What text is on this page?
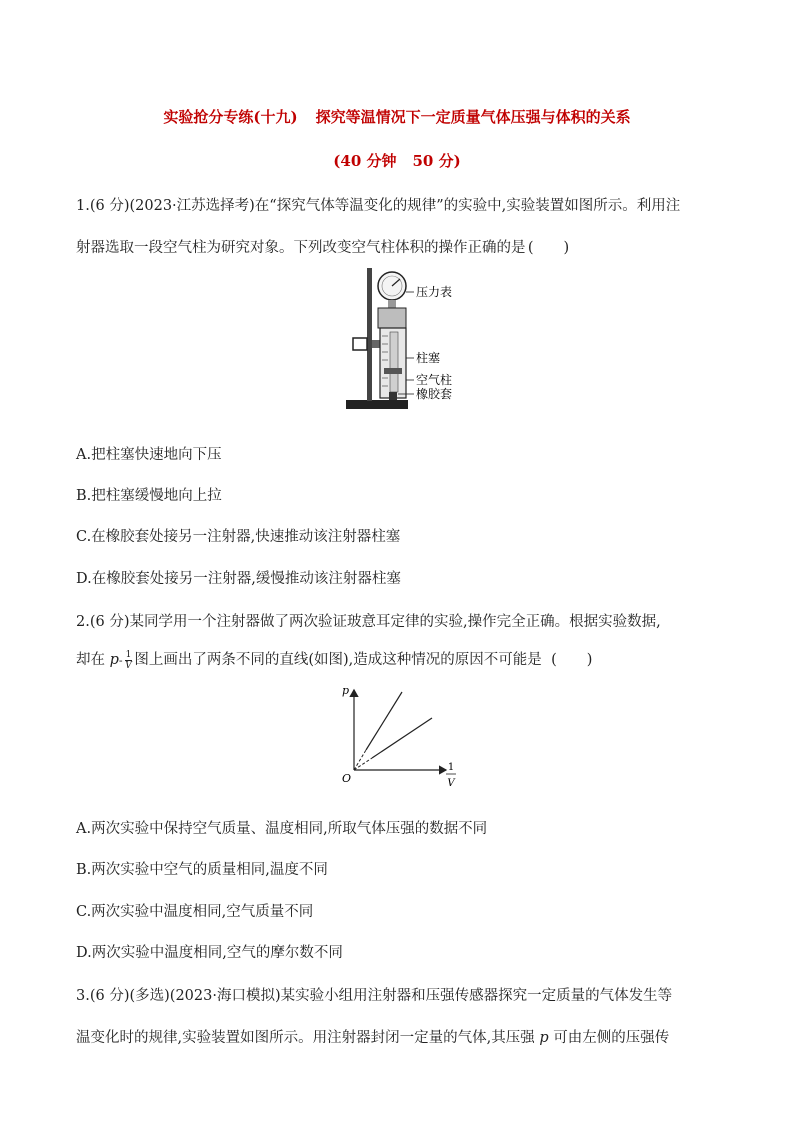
实验抢分专练(十九) 探究等温情况下一定质量气体压强与体积的关系
(40 分钟 50 分)
1.(6 分)(2023·江苏选择考)在“探究气体等温变化的规律”的实验中,实验装置如图所示。利用注
射器选取一段空气柱为研究对象。下列改变空气柱体积的操作正确的是 ( )
压力表
柱塞
空气柱
橡胶套
A.把柱塞快速地向下压
B.把柱塞缓慢地向上拉
C.在橡胶套处接另一注射器,快速推动该注射器柱塞
D.在橡胶套处接另一注射器,缓慢推动该注射器柱塞
2.(6 分)某同学用一个注射器做了两次验证玻意耳定律的实验,操作完全正确。根据实验数据,
却在 $p- \frac{1}{V}$ 图上画出了两条不同的直线(如图),造成这种情况的原因不可能是 ( )
p
O
1
V
A.两次实验中保持空气质量、温度相同,所取气体压强的数据不同
B.两次实验中空气的质量相同,温度不同
C.两次实验中温度相同,空气质量不同
D.两次实验中温度相同,空气的摩尔数不同
3.(6 分)(多选)(2023·海口模拟)某实验小组用注射器和压强传感器探究一定质量的气体发生等
温变化时的规律,实验装置如图所示。用注射器封闭一定量的气体,其压强 p 可由左侧的压强传
